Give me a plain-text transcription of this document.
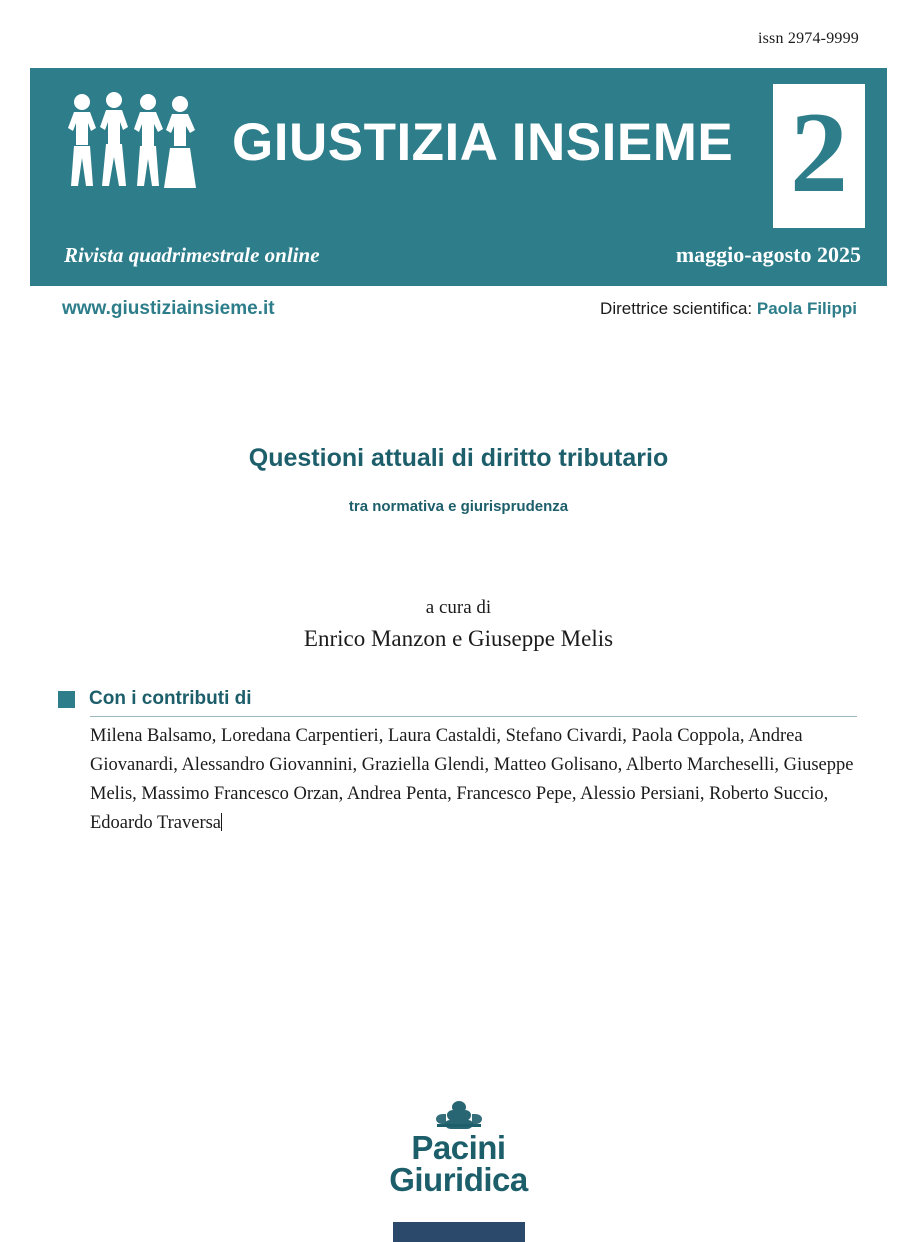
issn 2974-9999
GIUSTIZIA INSIEME 2
Rivista quadrimestrale online	maggio-agosto 2025
www.giustiziainsieme.it	Direttrice scientifica: Paola Filippi
Questioni attuali di diritto tributario
tra normativa e giurisprudenza
a cura di
Enrico Manzon e Giuseppe Melis
Con i contributi di
Milena Balsamo, Loredana Carpentieri, Laura Castaldi, Stefano Civardi, Paola Coppola, Andrea Giovanardi, Alessandro Giovannini, Graziella Glendi, Matteo Golisano, Alberto Marcheselli, Giuseppe Melis, Massimo Francesco Orzan, Andrea Penta, Francesco Pepe, Alessio Persiani, Roberto Succio, Edoardo Traversa
Pacini
Giuridica
